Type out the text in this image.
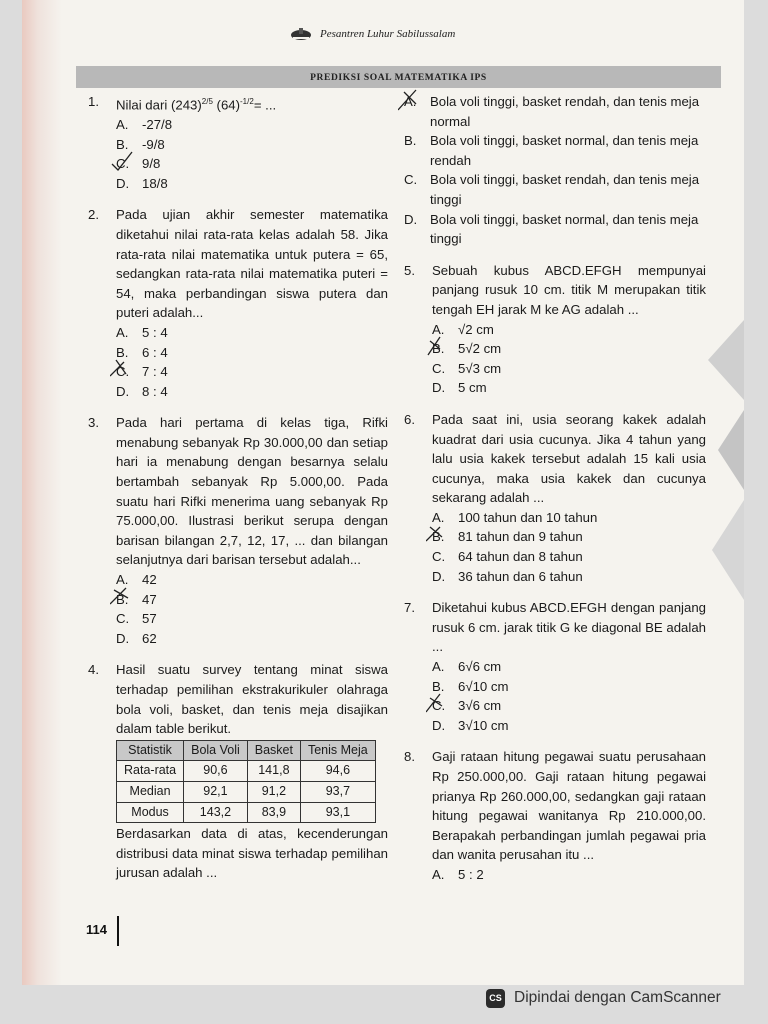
Pesantren Luhur Sabilussalam
PREDIKSI SOAL MATEMATIKA IPS
1. Nilai dari $(243)^{2/5}$ $(64)^{-1/2}=$ ...
A. -27/8
B. -9/8
C. 9/8
D. 18/8
2. Pada ujian akhir semester matematika diketahui nilai rata-rata kelas adalah 58. Jika rata-rata nilai matematika untuk putera = 65, sedangkan rata-rata nilai matematika puteri = 54, maka perbandingan siswa putera dan puteri adalah...
A. 5 : 4
B. 6 : 4
C. 7 : 4
D. 8 : 4
3. Pada hari pertama di kelas tiga, Rifki menabung sebanyak Rp 30.000,00 dan setiap hari ia menabung dengan besarnya selalu bertambah sebanyak Rp 5.000,00. Pada suatu hari Rifki menerima uang sebanyak Rp 75.000,00. Ilustrasi berikut serupa dengan barisan bilangan 2,7, 12, 17, ... dan bilangan selanjutnya dari barisan tersebut adalah...
A. 42
B. 47
C. 57
D. 62
4. Hasil suatu survey tentang minat siswa terhadap pemilihan ekstrakurikuler olahraga bola voli, basket, dan tenis meja disajikan dalam table berikut.
Statistik	Bola Voli	Basket	Tenis Meja
Rata-rata	90,6	141,8	94,6
Median	92,1	91,2	93,7
Modus	143,2	83,9	93,1
Berdasarkan data di atas, kecenderungan distribusi data minat siswa terhadap pemilihan jurusan adalah ...
A. Bola voli tinggi, basket rendah, dan tenis meja normal
B. Bola voli tinggi, basket normal, dan tenis meja rendah
C. Bola voli tinggi, basket rendah, dan tenis meja tinggi
D. Bola voli tinggi, basket normal, dan tenis meja tinggi
5. Sebuah kubus ABCD.EFGH mempunyai panjang rusuk 10 cm. titik M merupakan titik tengah EH jarak M ke AG adalah ...
A. √2 cm
B. 5√2 cm
C. 5√3 cm
D. 5 cm
6. Pada saat ini, usia seorang kakek adalah kuadrat dari usia cucunya. Jika 4 tahun yang lalu usia kakek tersebut adalah 15 kali usia cucunya, maka usia kakek dan cucunya sekarang adalah ...
A. 100 tahun dan 10 tahun
B. 81 tahun dan 9 tahun
C. 64 tahun dan 8 tahun
D. 36 tahun dan 6 tahun
7. Diketahui kubus ABCD.EFGH dengan panjang rusuk 6 cm. jarak titik G ke diagonal BE adalah ...
A. 6√6 cm
B. 6√10 cm
C. 3√6 cm
D. 3√10 cm
8. Gaji rataan hitung pegawai suatu perusahaan Rp 250.000,00. Gaji rataan hitung pegawai prianya Rp 260.000,00, sedangkan gaji rataan hitung pegawai wanitanya Rp 210.000,00. Berapakah perbandingan jumlah pegawai pria dan wanita perusahan itu ...
A. 5 : 2
114
CS Dipindai dengan CamScanner
